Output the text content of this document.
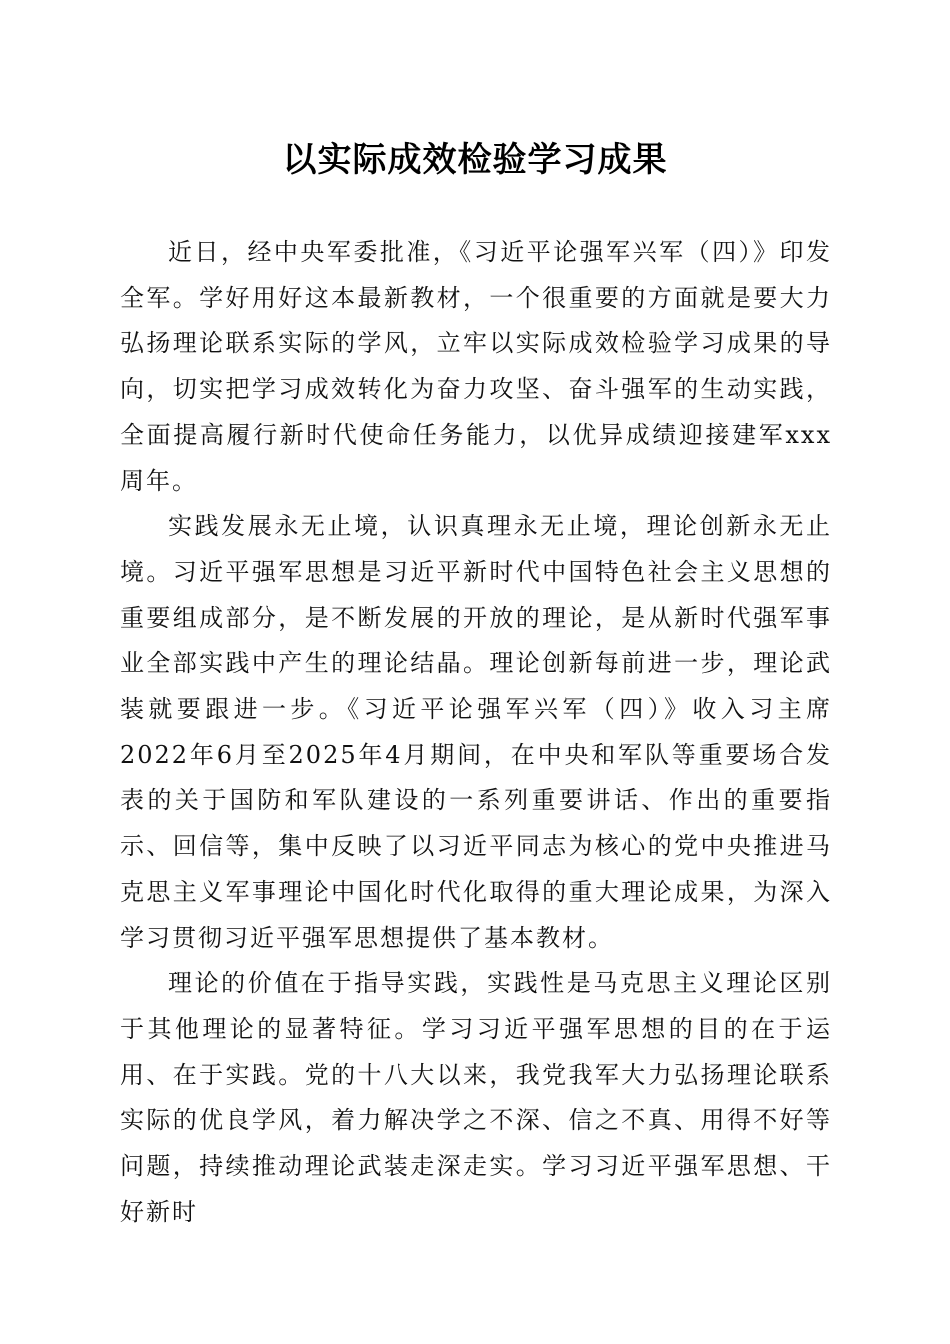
以实际成效检验学习成果

近日，经中央军委批准，《习近平论强军兴军（四）》印发全军。学好用好这本最新教材，一个很重要的方面就是要大力弘扬理论联系实际的学风，立牢以实际成效检验学习成果的导向，切实把学习成效转化为奋力攻坚、奋斗强军的生动实践，全面提高履行新时代使命任务能力，以优异成绩迎接建军xxx周年。

实践发展永无止境，认识真理永无止境，理论创新永无止境。习近平强军思想是习近平新时代中国特色社会主义思想的重要组成部分，是不断发展的开放的理论，是从新时代强军事业全部实践中产生的理论结晶。理论创新每前进一步，理论武装就要跟进一步。《习近平论强军兴军（四）》收入习主席2022年6月至2025年4月期间，在中央和军队等重要场合发表的关于国防和军队建设的一系列重要讲话、作出的重要指示、回信等，集中反映了以习近平同志为核心的党中央推进马克思主义军事理论中国化时代化取得的重大理论成果，为深入学习贯彻习近平强军思想提供了基本教材。

理论的价值在于指导实践，实践性是马克思主义理论区别于其他理论的显著特征。学习习近平强军思想的目的在于运用、在于实践。党的十八大以来，我党我军大力弘扬理论联系实际的优良学风，着力解决学之不深、信之不真、用得不好等问题，持续推动理论武装走深走实。学习习近平强军思想、干好新时
